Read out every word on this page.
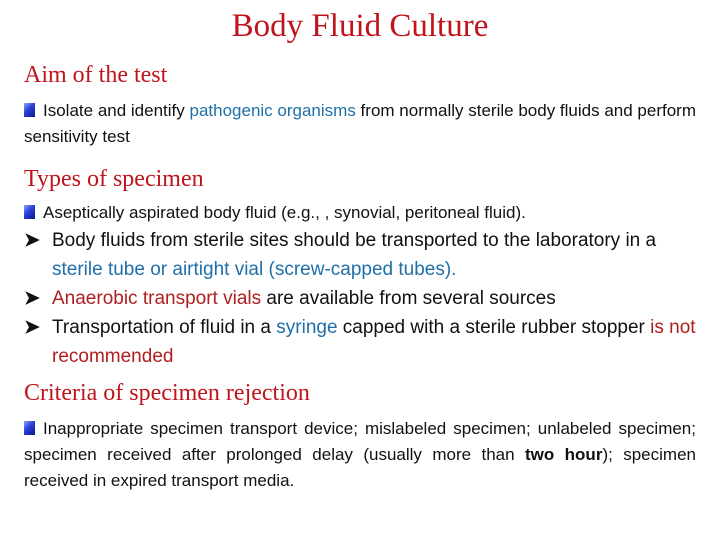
Body Fluid Culture
Aim of the test
Isolate and identify pathogenic organisms from normally sterile body fluids and perform sensitivity test
Types of specimen
Aseptically aspirated body fluid (e.g., , synovial, peritoneal fluid).
➤ Body fluids from sterile sites should be transported to the laboratory in a sterile tube or airtight vial (screw-capped tubes).
➤ Anaerobic transport vials are available from several sources
➤ Transportation of fluid in a syringe capped with a sterile rubber stopper is not recommended
Criteria of specimen rejection
Inappropriate specimen transport device; mislabeled specimen; unlabeled specimen; specimen received after prolonged delay (usually more than two hour); specimen received in expired transport media.
